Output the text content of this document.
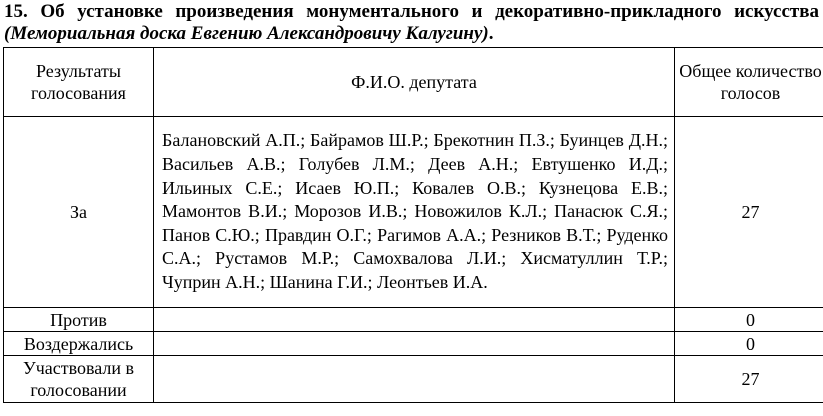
15. Об установке произведения монументального и декоративно-прикладного искусства (Мемориальная доска Евгению Александровичу Калугину).
Результаты голосования	Ф.И.О. депутата	Общее количество голосов
За	Балановский А.П.; Байрамов Ш.Р.; Брекотнин П.З.; Буинцев Д.Н.; Васильев А.В.; Голубев Л.М.; Деев А.Н.; Евтушенко И.Д.; Ильиных С.Е.; Исаев Ю.П.; Ковалев О.В.; Кузнецова Е.В.; Мамонтов В.И.; Морозов И.В.; Новожилов К.Л.; Панасюк С.Я.; Панов С.Ю.; Правдин О.Г.; Рагимов А.А.; Резников В.Т.; Руденко С.А.; Рустамов М.Р.; Самохвалова Л.И.; Хисматуллин Т.Р.; Чуприн А.Н.; Шанина Г.И.; Леонтьев И.А.	27
Против		0
Воздержались		0
Участвовали в голосовании		27
